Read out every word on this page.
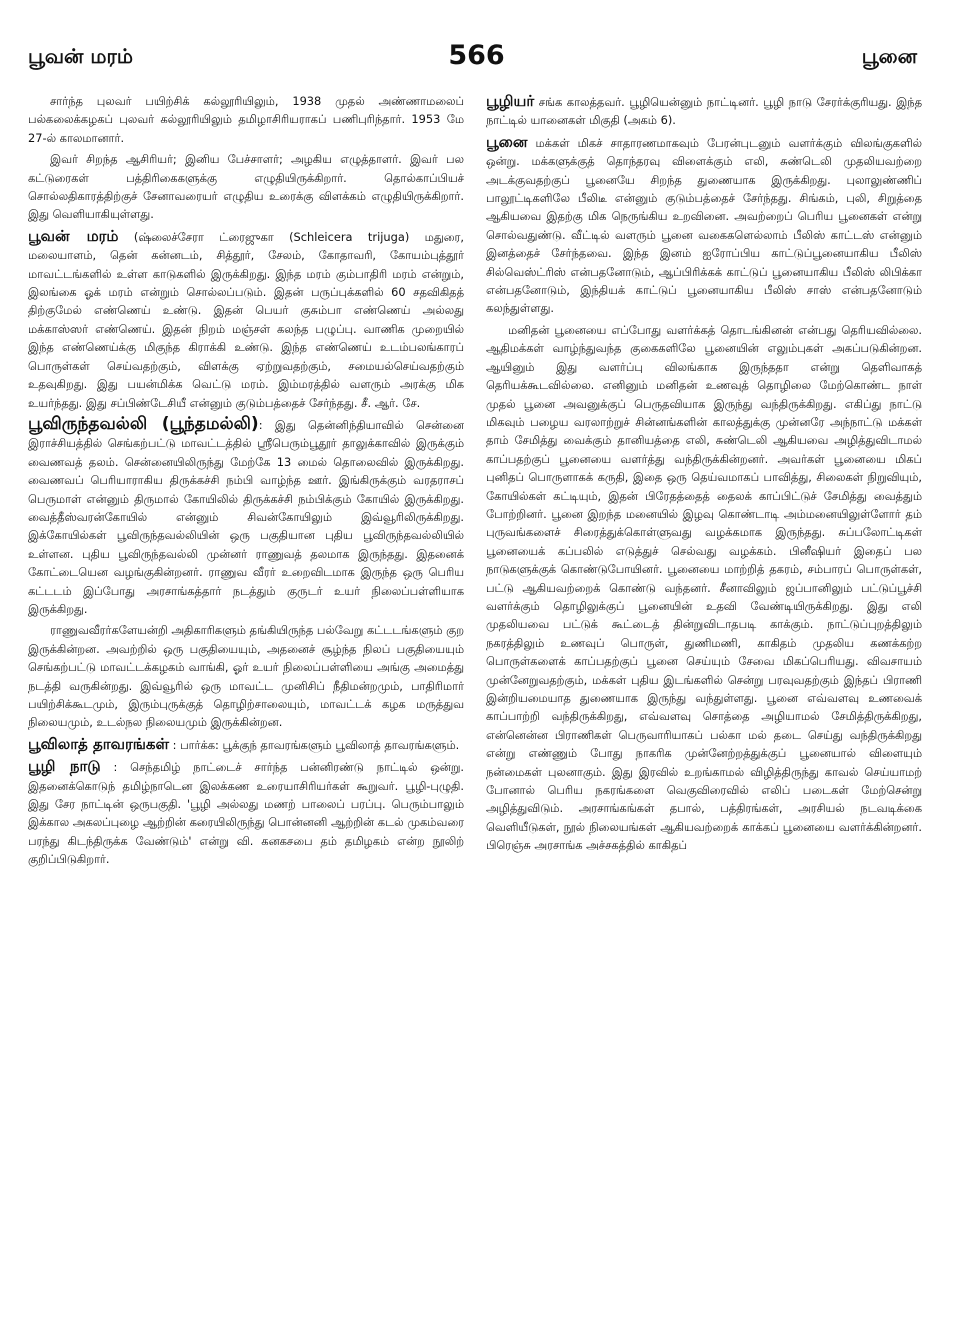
பூவன் மரம்	566	பூனை

சார்ந்த புலவர் பயிற்சிக் கல்லூரியிலும், 1938 முதல் அண்ணாமலைப் பல்கலைக்கழகப் புலவர் கல்லூரியிலும் தமிழாசிரியராகப் பணிபுரிந்தார். 1953 மே 27-ல் காலமானார்.

இவர் சிறந்த ஆசிரியர்; இனிய பேச்சாளர்; அழகிய எழுத்தாளர். இவர் பல கட்டுரைகள் பத்திரிகைகளுக்கு எழுதியிருக்கிறார். தொல்காப்பியச் சொல்லதிகாரத்திற்குச் சேனாவரையர் எழுதிய உரைக்கு விளக்கம் எழுதியிருக்கிறார். இது வெளியாகியுள்ளது.

பூவன் மரம் (ஷ்லைச்சேரா ட்ரைஜுகா (Schleicera trijuga) மதுரை, மலையாளம், தென் கன்னடம், சித்தூர், சேலம், கோதாவரி, கோயம்புத்தூர் மாவட்டங்களில் உள்ள காடுகளில் இருக்கிறது. இந்த மரம் கும்பாதிரி மரம் என்றும், இலங்கை ஓக் மரம் என்றும் சொல்லப்படும். இதன் பருப்புக்களில் 60 சதவிகிதத் திற்குமேல் எண்ணெய் உண்டு. இதன் பெயர் குசும்பா எண்ணெய் அல்லது மக்காஸ்ஸர் எண்ணெய். இதன் நிறம் மஞ்சள் கலந்த பழுப்பு. வாணிக முறையில் இந்த எண்ணெய்க்கு மிகுந்த கிராக்கி உண்டு. இந்த எண்ணெய் உடம்பலங்காரப் பொருள்கள் செய்வதற்கும், விளக்கு ஏற்றுவதற்கும், சமையல்செய்வதற்கும் உதவுகிறது. இது பயன்மிக்க வெட்டு மரம். இம்மரத்தில் வளரும் அரக்கு மிக உயர்ந்தது. இது சப்பிண்டேசியீ என்னும் குடும்பத்தைச் சேர்ந்தது. சீ. ஆர். சே.

பூவிருந்தவல்லி (பூந்தமல்லி): இது தென்னிந்தியாவில் சென்னை இராச்சியத்தில் செங்கற்பட்டு மாவட்டத்தில் ஸ்ரீபெரும்பூதூர் தாலுக்காவில் இருக்கும் வைணவத் தலம். சென்னையிலிருந்து மேற்கே 13 மைல் தொலைவில் இருக்கிறது. வைணவப் பெரியாராகிய திருக்கச்சி நம்பி வாழ்ந்த ஊர். இங்கிருக்கும் வரதராசப் பெருமாள் என்னும் திருமால் கோயிலில் திருக்கச்சி நம்பிக்கும் கோயில் இருக்கிறது. வைத்தீஸ்வரன்கோயில் என்னும் சிவன்கோயிலும் இவ்வூரிலிருக்கிறது. இக்கோயில்கள் பூவிருந்தவல்லியின் ஒரு பகுதியான புதிய பூவிருந்தவல்லியில் உள்ளன. புதிய பூவிருந்தவல்லி முன்னர் ராணுவத் தலமாக இருந்தது. இதனைக் கோட்டையென வழங்குகின்றனர். ராணுவ வீரர் உறைவிடமாக இருந்த ஒரு பெரிய கட்டடம் இப்போது அரசாங்கத்தார் நடத்தும் குருடர் உயர் நிலைப்பள்ளியாக இருக்கிறது.

ராணுவவீரர்களேயன்றி அதிகாரிகளும் தங்கியிருந்த பல்வேறு கட்டடங்களும் குற இருக்கின்றன. அவற்றில் ஒரு பகுதியையும், அதனைச் சூழ்ந்த நிலப் பகுதியையும் செங்கற்பட்டு மாவட்டக்கழகம் வாங்கி, ஓர் உயர் நிலைப்பள்ளியை அங்கு அமைத்து நடத்தி வருகின்றது. இவ்வூரில் ஒரு மாவட்ட முனிசிப் நீதிமன்றமும், பாதிரிமார் பயிற்சிக்கூடமும், இரும்புருக்குத் தொழிற்சாலையும், மாவட்டக் கழக மருத்துவ நிலையமும், உடல்நல நிலையமும் இருக்கின்றன.

பூவிலாத் தாவரங்கள் : பார்க்க: பூக்குந் தாவரங்களும் பூவிலாத் தாவரங்களும்.

பூழி நாடு : செந்தமிழ் நாட்டைச் சார்ந்த பன்னிரண்டு நாட்டில் ஒன்று. இதனைக்கொடுந் தமிழ்நாடென இலக்கண உரையாசிரியர்கள் கூறுவர். பூழி-புழுதி. இது சேர நாட்டின் ஒருபகுதி. 'பூழி அல்லது மணற் பாலைப் பரப்பு. பெரும்பாலும் இக்கால அகலப்புழை ஆற்றின் கரையிலிருந்து பொன்னனி ஆற்றின் கடல் முகம்வரை பரந்து கிடந்திருக்க வேண்டும்' என்று வி. கனகசபை தம் தமிழகம் என்ற நூலிற் குறிப்பிடுகிறார்.

பூழியர் சங்க காலத்தவர். பூழியென்னும் நாட்டினர். பூழி நாடு சேரர்க்குரியது. இந்த நாட்டில் யானைகள் மிகுதி (அகம் 6).

பூனை மக்கள் மிகச் சாதாரணமாகவும் பேரன்புடனும் வளர்க்கும் விலங்குகளில் ஒன்று. மக்களுக்குத் தொந்தரவு விளைக்கும் எலி, சுண்டெலி முதலியவற்றை அடக்குவதற்குப் பூனையே சிறந்த துணையாக இருக்கிறது. புலாலுண்ணிப் பாலூட்டிகளிலே பீலிடீ என்னும் குடும்பத்தைச் சேர்ந்தது. சிங்கம், புலி, சிறுத்தை ஆகியவை இதற்கு மிக நெருங்கிய உறவினை. அவற்றைப் பெரிய பூனைகள் என்று சொல்வதுண்டு. வீட்டில் வளரும் பூனை வகைகளெல்லாம் பீலிஸ் காட்டஸ் என்னும் இனத்தைச் சேர்ந்தவை. இந்த இனம் ஐரோப்பிய காட்டுப்பூனையாகிய பீலிஸ் சில்வெஸ்ட்ரிஸ் என்பதனோடும், ஆப்பிரிக்கக் காட்டுப் பூனையாகிய பீலிஸ் லிபிக்கா என்பதனோடும், இந்தியக் காட்டுப் பூனையாகிய பீலிஸ் சாஸ் என்பதனோடும் கலந்துள்ளது.

மனிதன் பூனையை எப்போது வளர்க்கத் தொடங்கினன் என்பது தெரியவில்லை. ஆதிமக்கள் வாழ்ந்துவந்த குகைகளிலே பூனையின் எலும்புகள் அகப்படுகின்றன. ஆயினும் இது வளர்ப்பு விலங்காக இருந்ததா என்று தெளிவாகத் தெரியக்கூடவில்லை. எனினும் மனிதன் உணவுத் தொழிலை மேற்கொண்ட நாள் முதல் பூனை அவனுக்குப் பெருதவியாக இருந்து வந்திருக்கிறது. எகிப்து நாட்டு மிகவும் பழைய வரலாற்றுச் சின்னங்களின் காலத்துக்கு முன்னரே அந்நாட்டு மக்கள் தாம் சேமித்து வைக்கும் தானியத்தை எலி, சுண்டெலி ஆகியவை அழித்துவிடாமல் காப்பதற்குப் பூனையை வளர்த்து வந்திருக்கின்றனர். அவர்கள் பூனையை மிகப் புனிதப் பொருளாகக் கருதி, இதை ஒரு தெய்வமாகப் பாவித்து, சிலைகள் நிறுவியும், கோயில்கள் கட்டியும், இதன் பிரேதத்தைத் தைலக் காப்பிட்டுச் சேமித்து வைத்தும் போற்றினர். பூனை இறந்த மனையில் இழவு கொண்டாடி அம்மனையிலுள்ளோர் தம் புருவங்களைச் சிரைத்துக்கொள்ளுவது வழக்கமாக இருந்தது. சுப்பலோட்டிகள் பூனையைக் கப்பலில் எடுத்துச் செல்வது வழக்கம். பினீஷியர் இதைப் பல நாடுகளுக்குக் கொண்டுபோயினர். பூனையை மாற்றித் தகரம், சம்பாரப் பொருள்கள், பட்டு ஆகியவற்றைக் கொண்டு வந்தனர். சீனாவிலும் ஜப்பானிலும் பட்டுப்பூச்சி வளர்க்கும் தொழிலுக்குப் பூனையின் உதவி வேண்டியிருக்கிறது. இது எலி முதலியவை பட்டுக் கூட்டைத் தின்றுவிடாதபடி காக்கும். நாட்டுப்புறத்திலும் நகரத்திலும் உணவுப் பொருள், துணிமணி, காகிதம் முதலிய கணக்கற்ற பொருள்களைக் காப்பதற்குப் பூனை செய்யும் சேவை மிகப்பெரியது. விவசாயம் முன்னேறுவதற்கும், மக்கள் புதிய இடங்களில் சென்று பரவுவதற்கும் இந்தப் பிராணி இன்றியமையாத துணையாக இருந்து வந்துள்ளது. பூனை எவ்வளவு உணவைக் காப்பாற்றி வந்திருக்கிறது, எவ்வளவு சொத்தை அழியாமல் சேமித்திருக்கிறது, என்னென்ன பிராணிகள் பெருவாரியாகப் பல்கா மல் தடை செய்து வந்திருக்கிறது என்று எண்ணும் போது நாகரிக முன்னேற்றத்துக்குப் பூனையால் விளையும் நன்மைகள் புலனாகும். இது இரவில் உறங்காமல் விழித்திருந்து காவல் செய்யாமற் போனால் பெரிய நகரங்களை வெகுவிரைவில் எலிப் படைகள் மேற்சென்று அழித்துவிடும். அரசாங்கங்கள் தபால், பத்திரங்கள், அரசியல் நடவடிக்கை வெளியீடுகள், நூல் நிலையங்கள் ஆகியவற்றைக் காக்கப் பூனையை வளர்க்கின்றனர். பிரெஞ்சு அரசாங்க அச்சகத்தில் காகிதப்
